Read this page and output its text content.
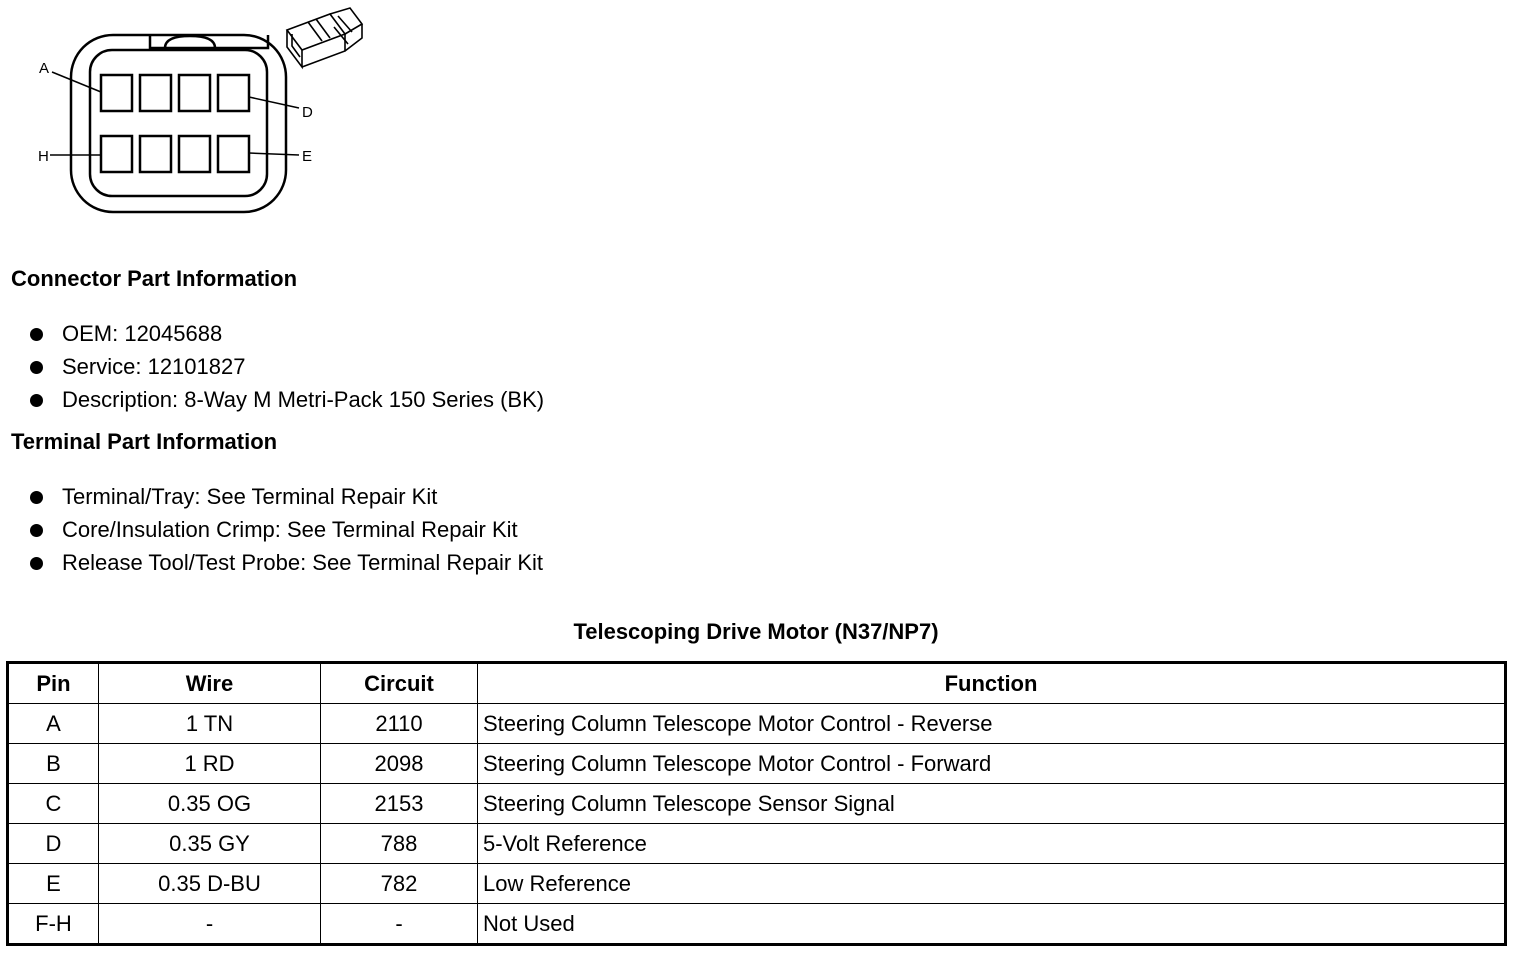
A
D
H	E
Connector Part Information
OEM: 12045688
Service: 12101827
Description: 8-Way M Metri-Pack 150 Series (BK)
Terminal Part Information
Terminal/Tray: See Terminal Repair Kit
Core/Insulation Crimp: See Terminal Repair Kit
Release Tool/Test Probe: See Terminal Repair Kit
Telescoping Drive Motor (N37/NP7)
Pin	Wire	Circuit	Function
A	1 TN	2110	Steering Column Telescope Motor Control - Reverse
B	1 RD	2098	Steering Column Telescope Motor Control - Forward
C	0.35 OG	2153	Steering Column Telescope Sensor Signal
D	0.35 GY	788	5-Volt Reference
E	0.35 D-BU	782	Low Reference
F-H	-	-	Not Used
